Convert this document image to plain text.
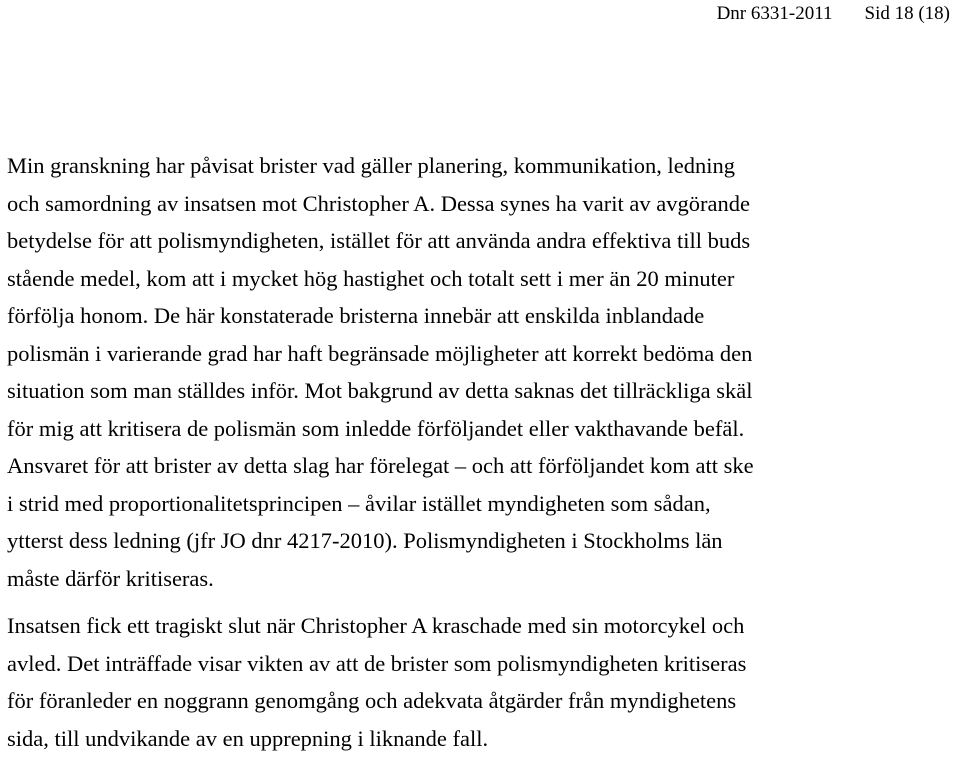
Dnr 6331-2011 Sid 18 (18)

Min granskning har påvisat brister vad gäller planering, kommunikation, ledning
och samordning av insatsen mot Christopher A. Dessa synes ha varit av avgörande
betydelse för att polismyndigheten, istället för att använda andra effektiva till buds
stående medel, kom att i mycket hög hastighet och totalt sett i mer än 20 minuter
förfölja honom. De här konstaterade bristerna innebär att enskilda inblandade
polismän i varierande grad har haft begränsade möjligheter att korrekt bedöma den
situation som man ställdes inför. Mot bakgrund av detta saknas det tillräckliga skäl
för mig att kritisera de polismän som inledde förföljandet eller vakthavande befäl.
Ansvaret för att brister av detta slag har förelegat – och att förföljandet kom att ske
i strid med proportionalitetsprincipen – åvilar istället myndigheten som sådan,
ytterst dess ledning (jfr JO dnr 4217-2010). Polismyndigheten i Stockholms län
måste därför kritiseras.

Insatsen fick ett tragiskt slut när Christopher A kraschade med sin motorcykel och
avled. Det inträffade visar vikten av att de brister som polismyndigheten kritiseras
för föranleder en noggrann genomgång och adekvata åtgärder från myndighetens
sida, till undvikande av en upprepning i liknande fall.
